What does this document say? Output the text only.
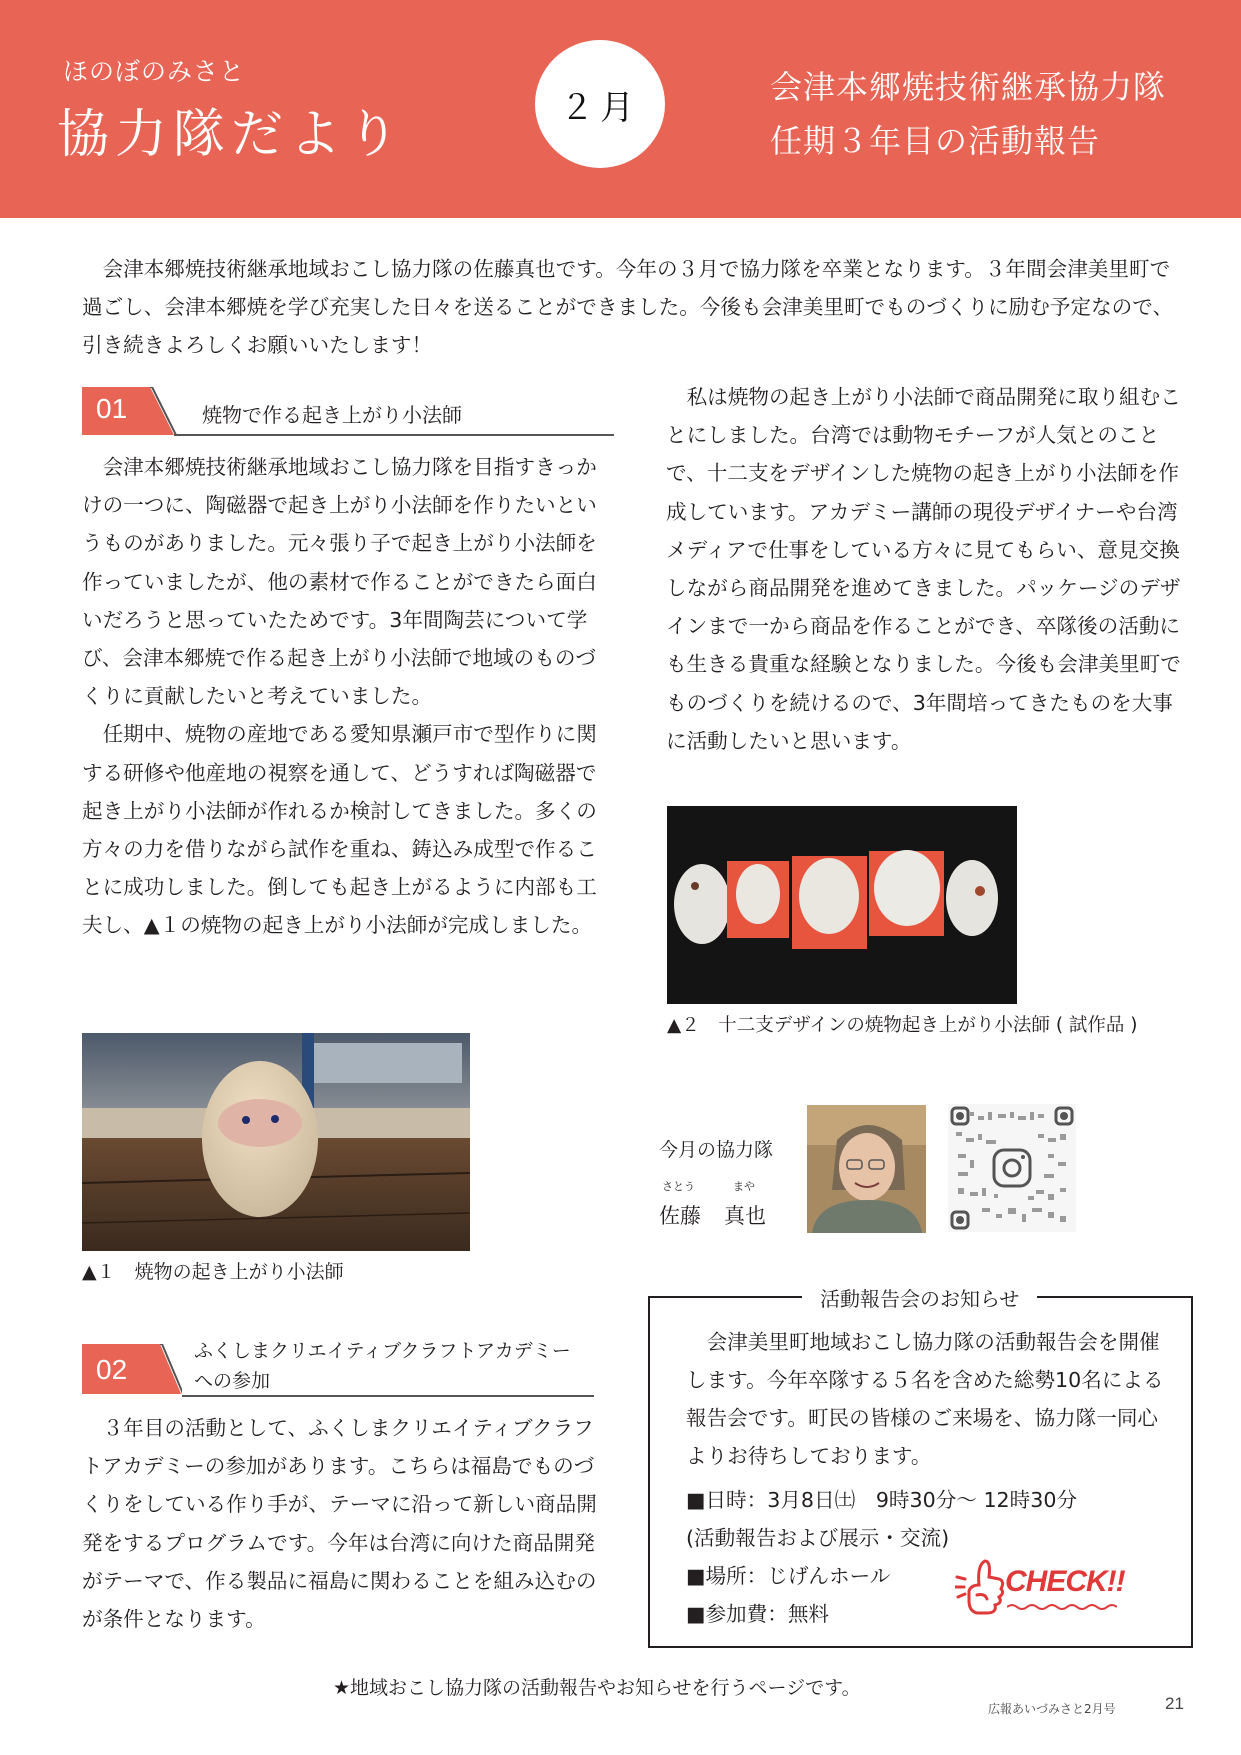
ほのぼのみさと
協力隊だより	２月
会津本郷焼技術継承協力隊
任期３年目の活動報告
会津本郷焼技術継承地域おこし協力隊の佐藤真也です。今年の３月で協力隊を卒業となります。３年間会津美里町で過ごし、会津本郷焼を学び充実した日々を送ることができました。今後も会津美里町でものづくりに励む予定なので、引き続きよろしくお願いいたします！
01	焼物で作る起き上がり小法師

会津本郷焼技術継承地域おこし協力隊を目指すきっかけの一つに、陶磁器で起き上がり小法師を作りたいというものがありました。元々張り子で起き上がり小法師を作っていましたが、他の素材で作ることができたら面白いだろうと思っていたためです。3年間陶芸について学び、会津本郷焼で作る起き上がり小法師で地域のものづくりに貢献したいと考えていました。

任期中、焼物の産地である愛知県瀬戸市で型作りに関する研修や他産地の視察を通して、どうすれば陶磁器で起き上がり小法師が作れるか検討してきました。多くの方々の力を借りながら試作を重ね、鋳込み成型で作ることに成功しました。倒しても起き上がるように内部も工夫し、▲１の焼物の起き上がり小法師が完成しました。

▲１　焼物の起き上がり小法師
02
ふくしまクリエイティブクラフトアカデミー
への参加

３年目の活動として、ふくしまクリエイティブクラフトアカデミーの参加があります。こちらは福島でものづくりをしている作り手が、テーマに沿って新しい商品開発をするプログラムです。今年は台湾に向けた商品開発がテーマで、作る製品に福島に関わることを組み込むのが条件となります。

私は焼物の起き上がり小法師で商品開発に取り組むことにしました。台湾では動物モチーフが人気とのことで、十二支をデザインした焼物の起き上がり小法師を作成しています。アカデミー講師の現役デザイナーや台湾メディアで仕事をしている方々に見てもらい、意見交換しながら商品開発を進めてきました。パッケージのデザインまで一から商品を作ることができ、卒隊後の活動にも生きる貴重な経験となりました。今後も会津美里町でものづくりを続けるので、3年間培ってきたものを大事に活動したいと思います。

▲２　十二支デザインの焼物起き上がり小法師 ( 試作品 )
今月の協力隊
さとう	まや
佐藤 真也
活動報告会のお知らせ

会津美里町地域おこし協力隊の活動報告会を開催します。今年卒隊する５名を含めた総勢10名による報告会です。町民の皆様のご来場を、協力隊一同心よりお待ちしております。

■日時：3月8日㈯　9時30分～ 12時30分
(活動報告および展示・交流)
■場所：じげんホール
■参加費：無料
CHECK!!
★地域おこし協力隊の活動報告やお知らせを行うページです。
広報あいづみさと2月号	21
